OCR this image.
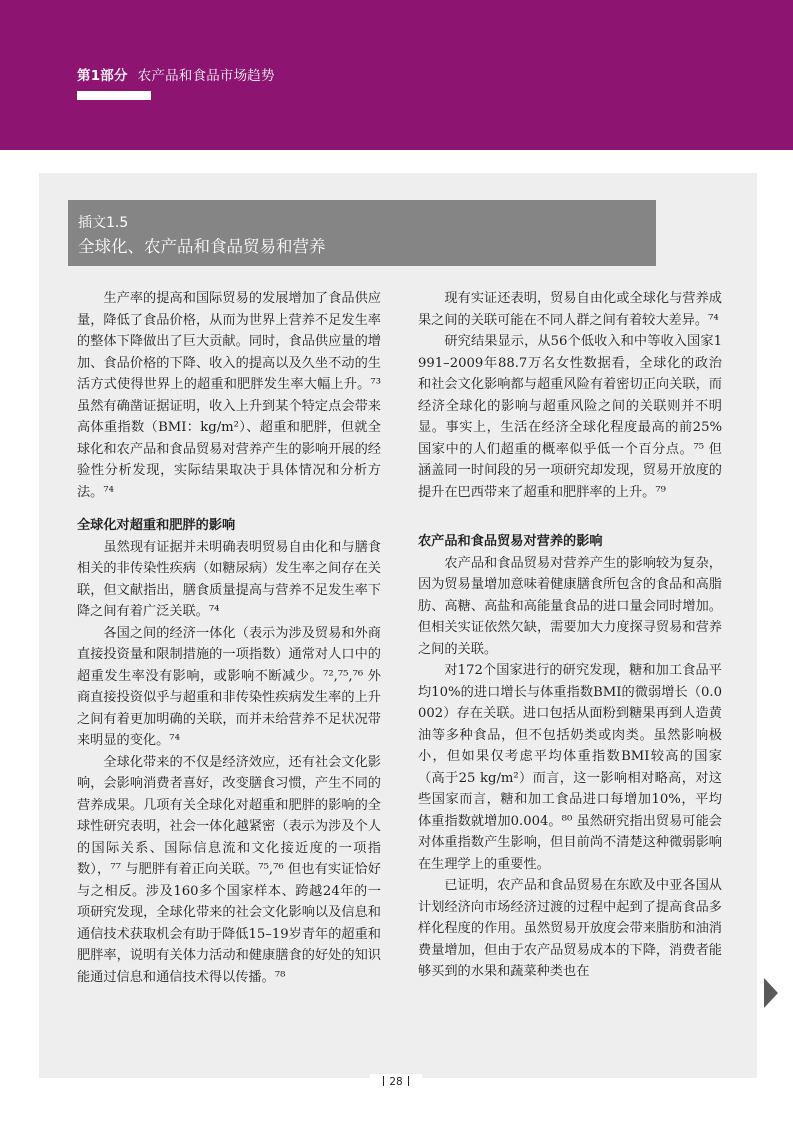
第1部分 农产品和食品市场趋势
插文1.5
全球化、农产品和食品贸易和营养

生产率的提高和国际贸易的发展增加了食品供应量，降低了食品价格，从而为世界上营养不足发生率的整体下降做出了巨大贡献。同时，食品供应量的增加、食品价格的下降、收入的提高以及久坐不动的生活方式使得世界上的超重和肥胖发生率大幅上升。⁷³ 虽然有确凿证据证明，收入上升到某个特定点会带来高体重指数（BMI：kg/m²）、超重和肥胖，但就全球化和农产品和食品贸易对营养产生的影响开展的经验性分析发现，实际结果取决于具体情况和分析方法。⁷⁴

全球化对超重和肥胖的影响

虽然现有证据并未明确表明贸易自由化和与膳食相关的非传染性疾病（如糖尿病）发生率之间存在关联，但文献指出，膳食质量提高与营养不足发生率下降之间有着广泛关联。⁷⁴

各国之间的经济一体化（表示为涉及贸易和外商直接投资量和限制措施的一项指数）通常对人口中的超重发生率没有影响，或影响不断减少。⁷²,⁷⁵,⁷⁶ 外商直接投资似乎与超重和非传染性疾病发生率的上升之间有着更加明确的关联，而并未给营养不足状况带来明显的变化。⁷⁴

全球化带来的不仅是经济效应，还有社会文化影响，会影响消费者喜好，改变膳食习惯，产生不同的营养成果。几项有关全球化对超重和肥胖的影响的全球性研究表明，社会一体化越紧密（表示为涉及个人的国际关系、国际信息流和文化接近度的一项指数），⁷⁷ 与肥胖有着正向关联。⁷⁵,⁷⁶ 但也有实证恰好与之相反。涉及160多个国家样本、跨越24年的一项研究发现，全球化带来的社会文化影响以及信息和通信技术获取机会有助于降低15–19岁青年的超重和肥胖率，说明有关体力活动和健康膳食的好处的知识能通过信息和通信技术得以传播。⁷⁸

现有实证还表明，贸易自由化或全球化与营养成果之间的关联可能在不同人群之间有着较大差异。⁷⁴

研究结果显示，从56个低收入和中等收入国家1991–2009年88.7万名女性数据看，全球化的政治和社会文化影响都与超重风险有着密切正向关联，而经济全球化的影响与超重风险之间的关联则并不明显。事实上，生活在经济全球化程度最高的前25%国家中的人们超重的概率似乎低一个百分点。⁷⁵ 但涵盖同一时间段的另一项研究却发现，贸易开放度的提升在巴西带来了超重和肥胖率的上升。⁷⁹

农产品和食品贸易对营养的影响

农产品和食品贸易对营养产生的影响较为复杂，因为贸易量增加意味着健康膳食所包含的食品和高脂肪、高糖、高盐和高能量食品的进口量会同时增加。但相关实证依然欠缺，需要加大力度探寻贸易和营养之间的关联。

对172个国家进行的研究发现，糖和加工食品平均10%的进口增长与体重指数BMI的微弱增长（0.0002）存在关联。进口包括从面粉到糖果再到人造黄油等多种食品，但不包括奶类或肉类。虽然影响极小，但如果仅考虑平均体重指数BMI较高的国家（高于25 kg/m²）而言，这一影响相对略高，对这些国家而言，糖和加工食品进口每增加10%，平均体重指数就增加0.004。⁸⁰ 虽然研究指出贸易可能会对体重指数产生影响，但目前尚不清楚这种微弱影响在生理学上的重要性。

已证明，农产品和食品贸易在东欧及中亚各国从计划经济向市场经济过渡的过程中起到了提高食品多样化程度的作用。虽然贸易开放度会带来脂肪和油消费量增加，但由于农产品贸易成本的下降，消费者能够买到的水果和蔬菜种类也在

28
